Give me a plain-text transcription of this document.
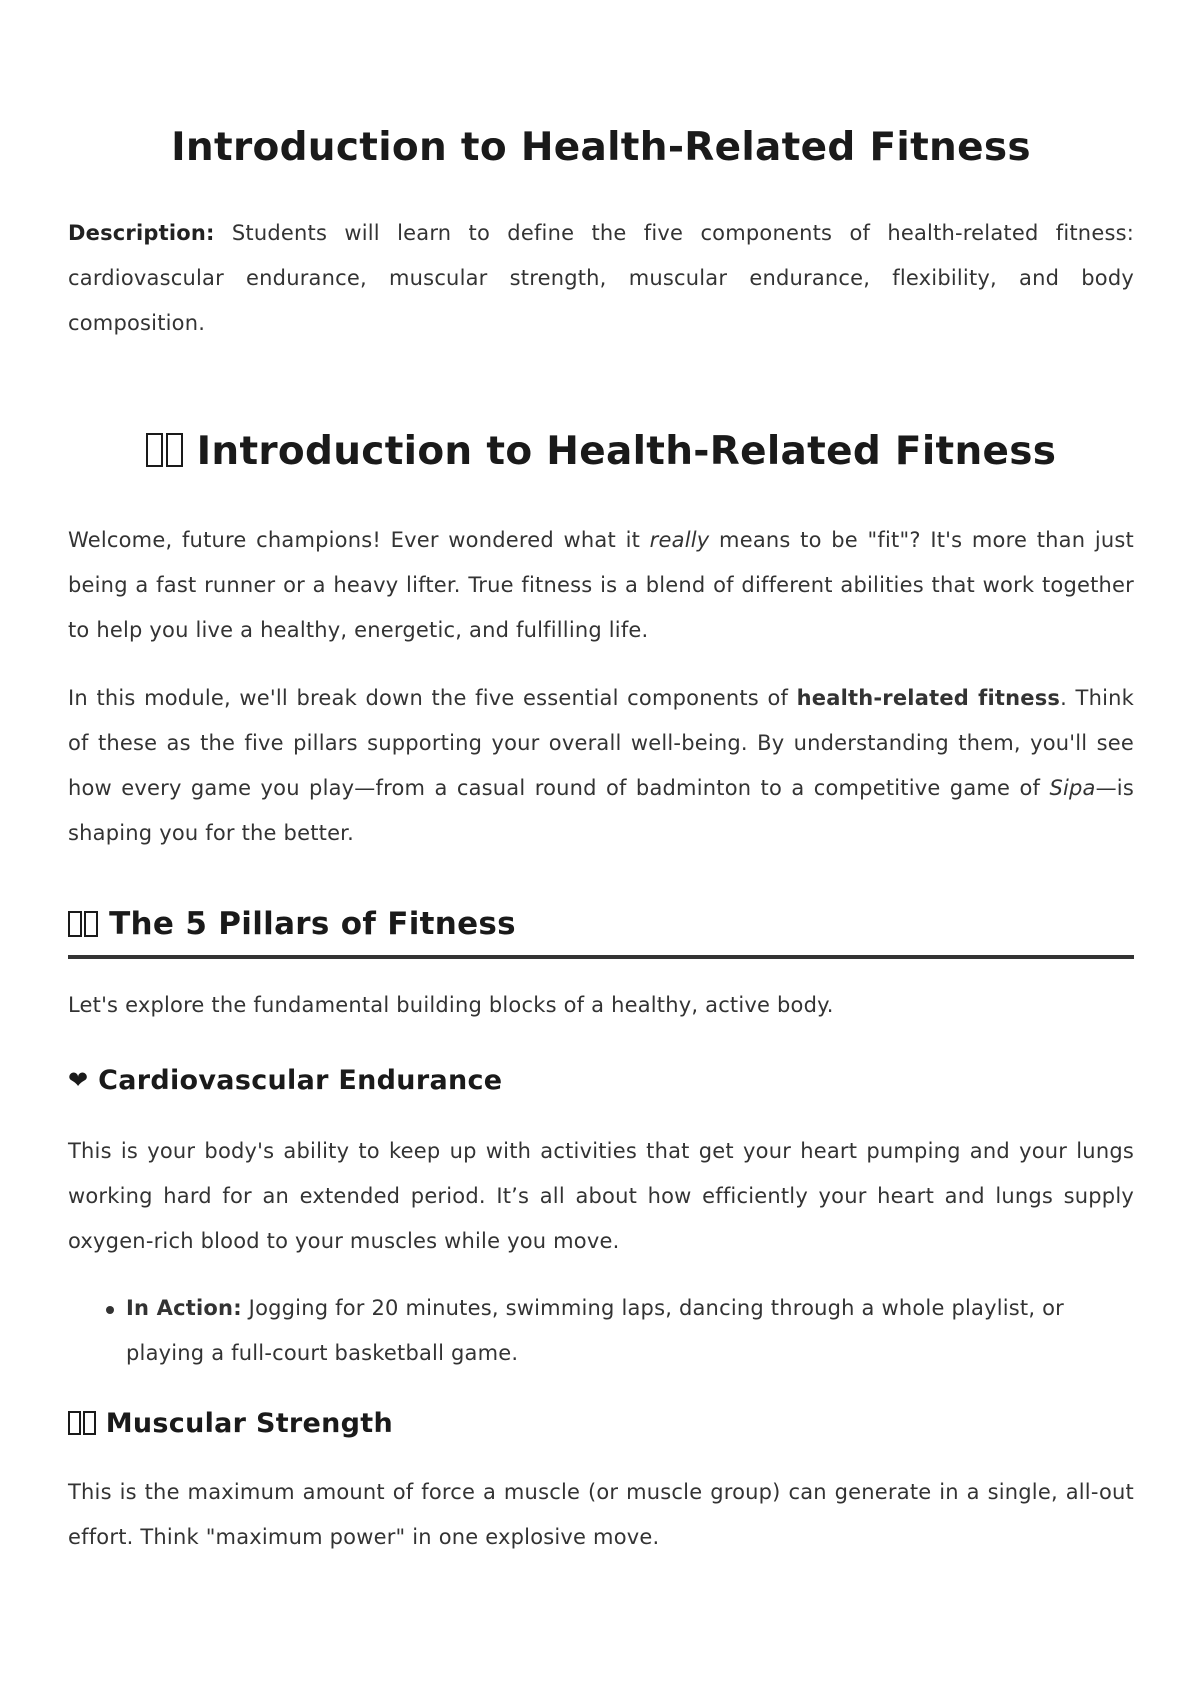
Introduction to Health-Related Fitness

Description: Students will learn to define the five components of health-related fitness: cardiovascular endurance, muscular strength, muscular endurance, flexibility, and body composition.

Introduction to Health-Related Fitness

Welcome, future champions! Ever wondered what it really means to be "fit"? It's more than just being a fast runner or a heavy lifter. True fitness is a blend of different abilities that work together to help you live a healthy, energetic, and fulfilling life.

In this module, we'll break down the five essential components of health-related fitness. Think of these as the five pillars supporting your overall well-being. By understanding them, you'll see how every game you play—from a casual round of badminton to a competitive game of Sipa—is shaping you for the better.

The 5 Pillars of Fitness

Let's explore the fundamental building blocks of a healthy, active body.

❤ Cardiovascular Endurance

This is your body's ability to keep up with activities that get your heart pumping and your lungs working hard for an extended period. It’s all about how efficiently your heart and lungs supply oxygen-rich blood to your muscles while you move.

In Action: Jogging for 20 minutes, swimming laps, dancing through a whole playlist, or playing a full-court basketball game.
Muscular Strength

This is the maximum amount of force a muscle (or muscle group) can generate in a single, all-out effort. Think "maximum power" in one explosive move.
